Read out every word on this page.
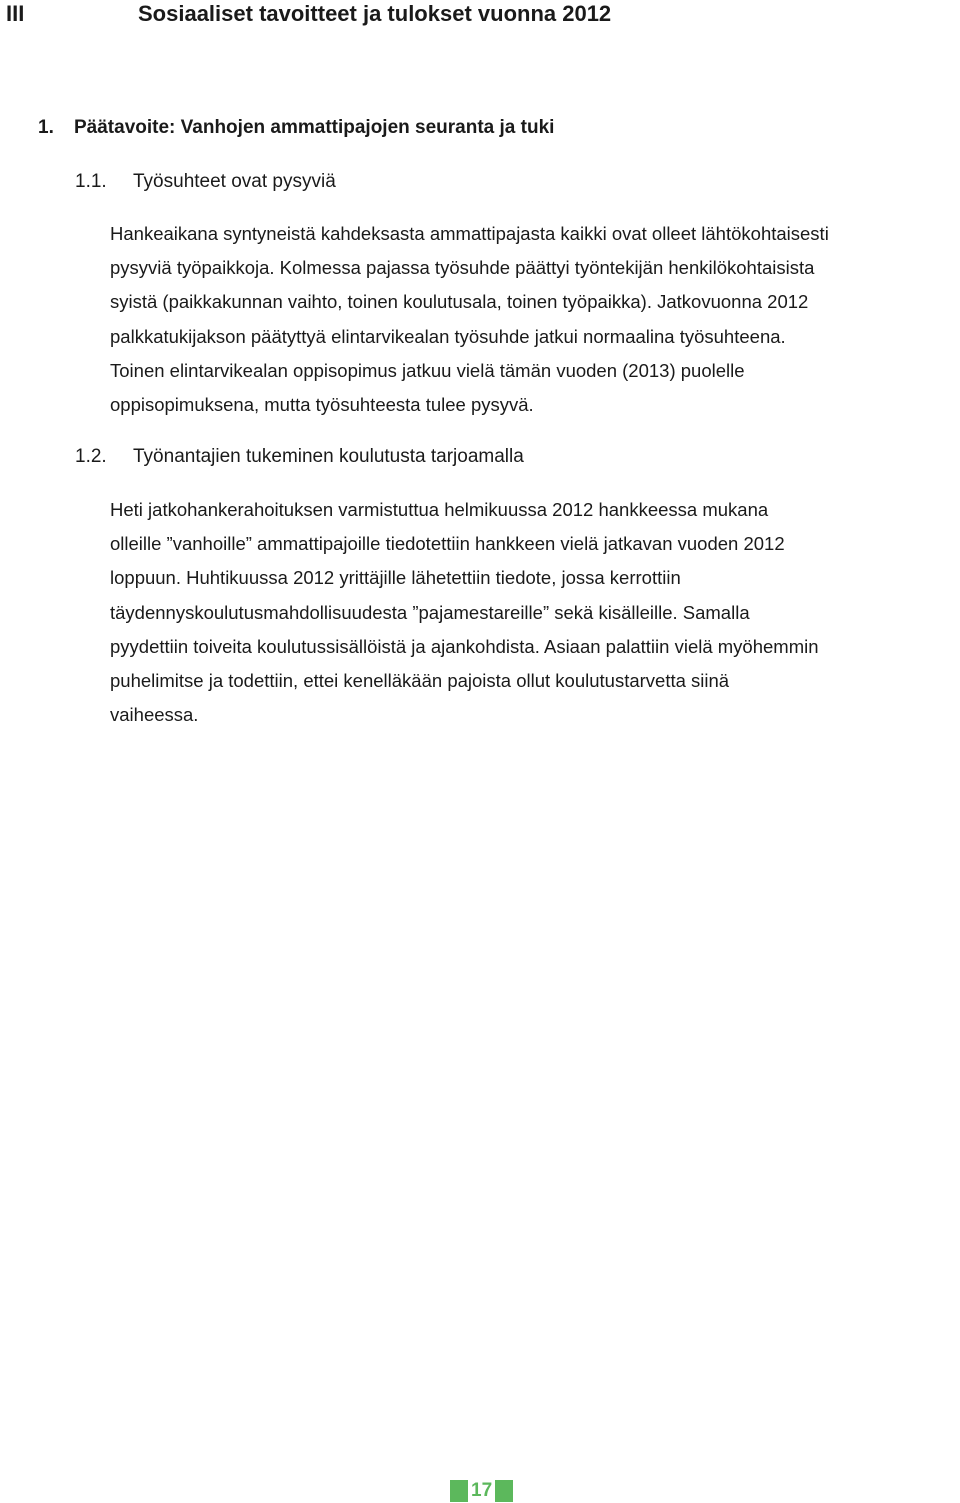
III	Sosiaaliset tavoitteet ja tulokset vuonna 2012
1. Päätavoite: Vanhojen ammattipajojen seuranta ja tuki
1.1. Työsuhteet ovat pysyviä

Hankeaikana syntyneistä kahdeksasta ammattipajasta kaikki ovat olleet lähtökohtaisesti
pysyviä työpaikkoja. Kolmessa pajassa työsuhde päättyi työntekijän henkilökohtaisista
syistä (paikkakunnan vaihto, toinen koulutusala, toinen työpaikka). Jatkovuonna 2012
palkkatukijakson päätyttyä elintarvikealan työsuhde jatkui normaalina työsuhteena.
Toinen elintarvikealan oppisopimus jatkuu vielä tämän vuoden (2013) puolelle
oppisopimuksena, mutta työsuhteesta tulee pysyvä.

1.2. Työnantajien tukeminen koulutusta tarjoamalla

Heti jatkohankerahoituksen varmistuttua helmikuussa 2012 hankkeessa mukana
olleille ”vanhoille” ammattipajoille tiedotettiin hankkeen vielä jatkavan vuoden 2012
loppuun. Huhtikuussa 2012 yrittäjille lähetettiin tiedote, jossa kerrottiin
täydennyskoulutusmahdollisuudesta ”pajamestareille” sekä kisälleille. Samalla
pyydettiin toiveita koulutussisällöistä ja ajankohdista. Asiaan palattiin vielä myöhemmin
puhelimitse ja todettiin, ettei kenelläkään pajoista ollut koulutustarvetta siinä
vaiheessa.

17
